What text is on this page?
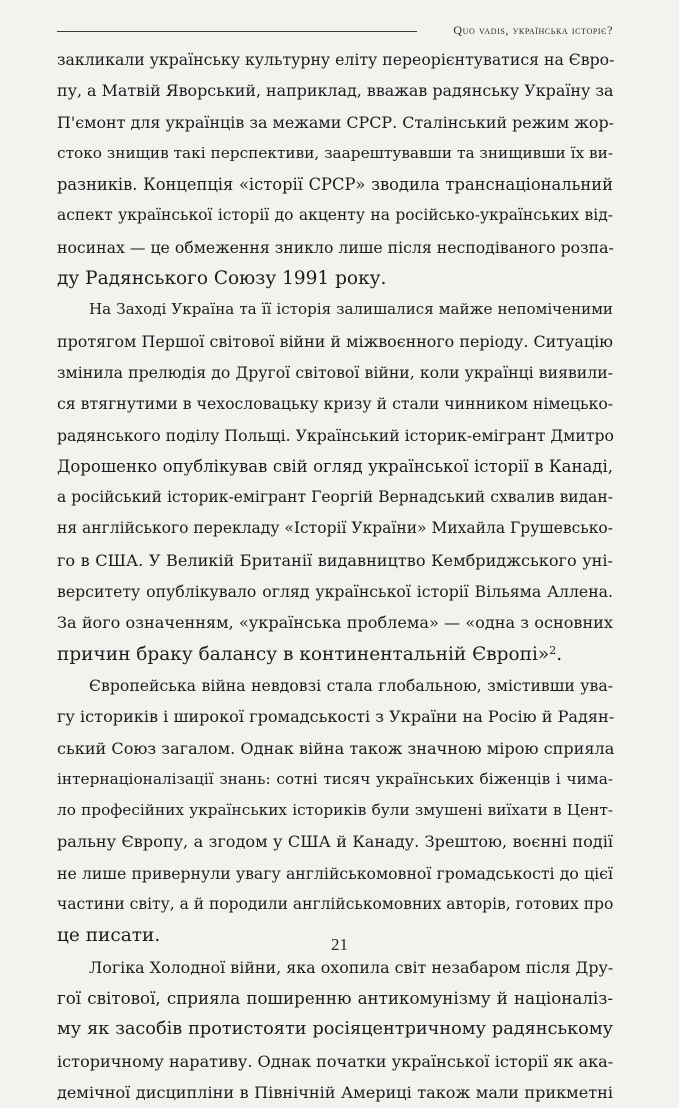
Quo vadis, українська історіє?
закликали українську культурну еліту переорієнтуватися на Євро-
пу, а Матвій Яворський, наприклад, вважав радянську Україну за
П'ємонт для українців за межами СРСР. Сталінський режим жор-
стоко знищив такі перспективи, заарештувавши та знищивши їх ви-
разників. Концепція «історії СРСР» зводила транснаціональний
аспект української історії до акценту на російсько-українських від-
носинах — це обмеження зникло лише після несподіваного розпа-
ду Радянського Союзу 1991 року.
На Заході Україна та її історія залишалися майже непоміченими
протягом Першої світової війни й міжвоєнного періоду. Ситуацію
змінила прелюдія до Другої світової війни, коли українці виявили-
ся втягнутими в чехословацьку кризу й стали чинником німецько-
радянського поділу Польщі. Український історик-емігрант Дмитро
Дорошенко опублікував свій огляд української історії в Канаді,
а російський історик-емігрант Георгій Вернадський схвалив видан-
ня англійського перекладу «Історії України» Михайла Грушевсько-
го в США. У Великій Британії видавництво Кембриджського уні-
верситету опублікувало огляд української історії Вільяма Аллена.
За його означенням, «українська проблема» — «одна з основних
причин браку балансу в континентальній Європі»$^2$.
Європейська війна невдовзі стала глобальною, змістивши ува-
гу істориків і широкої громадськості з України на Росію й Радян-
ський Союз загалом. Однак війна також значною мірою сприяла
інтернаціоналізації знань: сотні тисяч українських біженців і чима-
ло професійних українських істориків були змушені виїхати в Цент-
ральну Європу, а згодом у США й Канаду. Зрештою, воєнні події
не лише привернули увагу англійськомовної громадськості до цієї
частини світу, а й породили англійськомовних авторів, готових про
це писати.
Логіка Холодної війни, яка охопила світ незабаром після Дру-
гої світової, сприяла поширенню антикомунізму й націоналіз-
му як засобів протистояти росіяцентричному радянському
історичному наративу. Однак початки української історії як ака-
демічної дисципліни в Північній Америці також мали прикметні
21
